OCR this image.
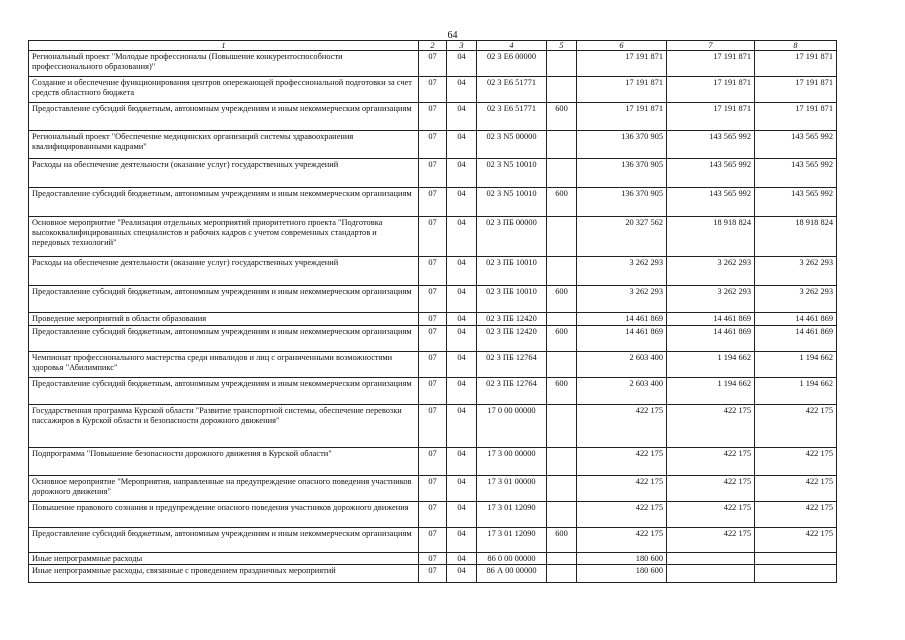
64
1	2	3	4	5	6	7	8
Региональный проект "Молодые профессионалы (Повышение конкурентоспособности профессионального образования)"	07	04	02 3 Е6 00000		17 191 871	17 191 871	17 191 871
Создание и обеспечение функционирования центров опережающей профессиональной подготовки за счет средств областного бюджета	07	04	02 3 Е6 51771		17 191 871	17 191 871	17 191 871
Предоставление субсидий бюджетным, автономным учреждениям и иным некоммерческим организациям	07	04	02 3 Е6 51771	600	17 191 871	17 191 871	17 191 871
Региональный проект "Обеспечение медицинских организаций системы здравоохранения квалифицированными кадрами"	07	04	02 3 N5 00000		136 370 905	143 565 992	143 565 992
Расходы на обеспечение деятельности (оказание услуг) государственных учреждений	07	04	02 3 N5 10010		136 370 905	143 565 992	143 565 992
Предоставление субсидий бюджетным, автономным учреждениям и иным некоммерческим организациям	07	04	02 3 N5 10010	600	136 370 905	143 565 992	143 565 992
Основное мероприятие "Реализация отдельных мероприятий приоритетного проекта "Подготовка высококвалифицированных специалистов и рабочих кадров с учетом современных стандартов и передовых технологий"	07	04	02 3 ПБ 00000		20 327 562	18 918 824	18 918 824
Расходы на обеспечение деятельности (оказание услуг) государственных учреждений	07	04	02 3 ПБ 10010		3 262 293	3 262 293	3 262 293
Предоставление субсидий бюджетным, автономным учреждениям и иным некоммерческим организациям	07	04	02 3 ПБ 10010	600	3 262 293	3 262 293	3 262 293
Проведение мероприятий в области образования	07	04	02 3 ПБ 12420		14 461 869	14 461 869	14 461 869
Предоставление субсидий бюджетным, автономным учреждениям и иным некоммерческим организациям	07	04	02 3 ПБ 12420	600	14 461 869	14 461 869	14 461 869
Чемпионат профессионального мастерства среди инвалидов и лиц с ограниченными возможностями здоровья "Абилимпикс"	07	04	02 3 ПБ 12764		2 603 400	1 194 662	1 194 662
Предоставление субсидий бюджетным, автономным учреждениям и иным некоммерческим организациям	07	04	02 3 ПБ 12764	600	2 603 400	1 194 662	1 194 662
Государственная программа Курской области "Развитие транспортной системы, обеспечение перевозки пассажиров в Курской области и безопасности дорожного движения"	07	04	17 0 00 00000		422 175	422 175	422 175
Подпрограмма "Повышение безопасности дорожного движения в Курской области"	07	04	17 3 00 00000		422 175	422 175	422 175
Основное мероприятие "Мероприятия, направленные на предупреждение опасного поведения участников дорожного движения"	07	04	17 3 01 00000		422 175	422 175	422 175
Повышение правового сознания и предупреждение опасного поведения участников дорожного движения	07	04	17 3 01 12090		422 175	422 175	422 175
Предоставление субсидий бюджетным, автономным учреждениям и иным некоммерческим организациям	07	04	17 3 01 12090	600	422 175	422 175	422 175
Иные непрограммные расходы	07	04	86 0 00 00000		180 600		
Иные непрограммные расходы, связанные с проведением праздничных мероприятий	07	04	86 А 00 00000		180 600		
